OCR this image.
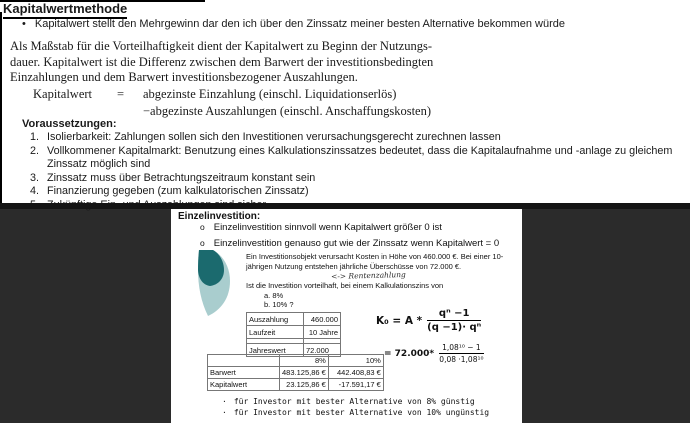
Kapitalwertmethode
• Kapitalwert stellt den Mehrgewinn dar den ich über den Zinssatz meiner besten Alternative bekommen würde
Als Maßstab für die Vorteilhaftigkeit dient der Kapitalwert zu Beginn der Nutzungs-
dauer. Kapitalwert ist die Differenz zwischen dem Barwert der investitionsbedingten
Einzahlungen und dem Barwert investitionsbezogener Auszahlungen.
Kapitalwert	=	abgezinste Einzahlung (einschl. Liquidationserlös)
−abgezinste Auszahlungen (einschl. Anschaffungskosten)
Voraussetzungen:
1. Isolierbarkeit: Zahlungen sollen sich den Investitionen verursachungsgerecht zurechnen lassen
2. Vollkommener Kapitalmarkt: Benutzung eines Kalkulationszinssatzes bedeutet, dass die Kapitalaufnahme und -anlage zu gleichem Zinssatz möglich sind
3. Zinssatz muss über Betrachtungszeitraum konstant sein
4. Finanzierung gegeben (zum kalkulatorischen Zinssatz)
Einzelinvestition:
o Einzelinvestition sinnvoll wenn Kapitalwert größer 0 ist
o Einzelinvestition genauso gut wie der Zinssatz wenn Kapitalwert = 0
Ein Investitionsobjekt verursacht Kosten in Höhe von 460.000 €. Bei einer 10-
jährigen Nutzung entstehen jährliche Überschüsse von 72.000 €.
<-> Rentenzahlung
Ist die Investition vorteilhaft, bei einem Kalkulationszins von
a. 8%
b. 10% ?
Auszahlung	460.000
Laufzeit	10 Jahre

Jahreswert	72.000
$K_0 = A * \frac{\text{qⁿ −1}}{\text{(q −1)· qⁿ}}$
= $72.000* \frac{\text{1,08¹⁰ − 1}}{\text{0,08 ·1,08¹⁰}}$
	8%	10%
Barwert	483.125,86 €	442.408,83 €
Kapitalwert	23.125,86 €	-17.591,17 €
· für Investor mit bester Alternative von 8% günstig
· für Investor mit bester Alternative von 10% ungünstig
